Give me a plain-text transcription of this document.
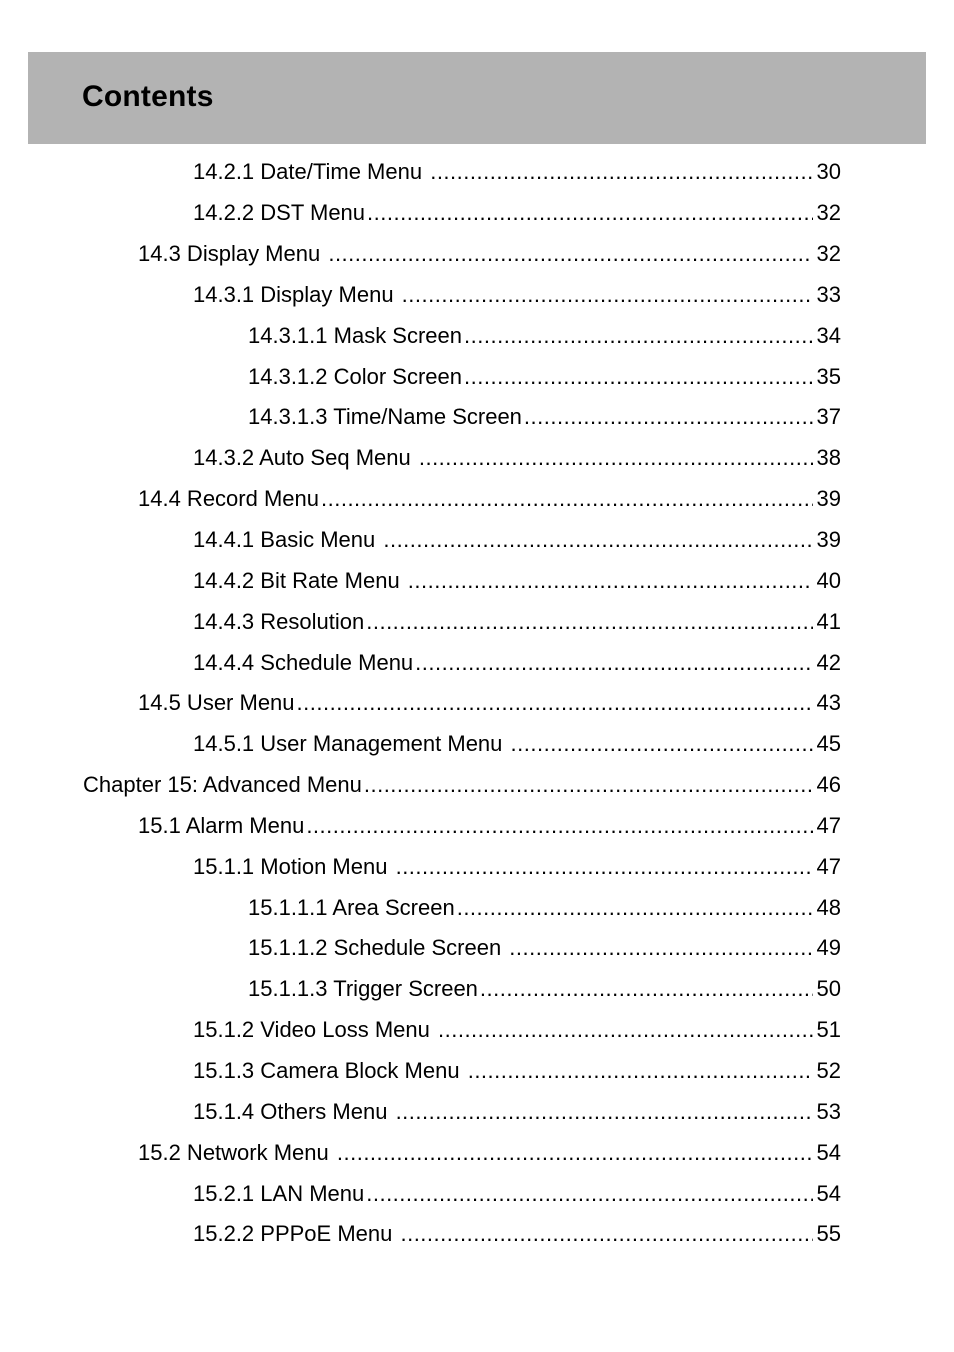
Contents
14.2.1 Date/Time Menu .....	30
14.2.2 DST Menu .....	32
14.3 Display Menu .....	32
14.3.1 Display Menu .....	33
14.3.1.1 Mask Screen .....	34
14.3.1.2 Color Screen .....	35
14.3.1.3 Time/Name Screen .....	37
14.3.2 Auto Seq Menu .....	38
14.4 Record Menu .....	39
14.4.1 Basic Menu .....	39
14.4.2 Bit Rate Menu .....	40
14.4.3 Resolution .....	41
14.4.4 Schedule Menu .....	42
14.5 User Menu .....	43
14.5.1 User Management Menu .....	45
Chapter 15: Advanced Menu .....	46
15.1 Alarm Menu .....	47
15.1.1 Motion Menu .....	47
15.1.1.1 Area Screen .....	48
15.1.1.2 Schedule Screen .....	49
15.1.1.3 Trigger Screen .....	50
15.1.2 Video Loss Menu .....	51
15.1.3 Camera Block Menu .....	52
15.1.4 Others Menu .....	53
15.2 Network Menu .....	54
15.2.1 LAN Menu .....	54
15.2.2 PPPoE Menu .....	55
